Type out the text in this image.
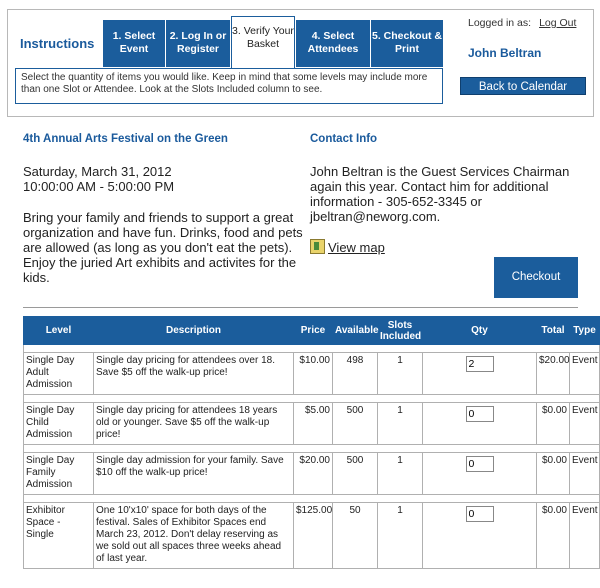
Instructions	1. Select Event
2. Log In or Register
3. Verify Your Basket
4. Select Attendees
5. Checkout & Print
Select the quantity of items you would like. Keep in mind that some levels may include more than one Slot or Attendee. Look at the Slots Included column to see.
Logged in as: Log Out
John Beltran
Back to Calendar
4th Annual Arts Festival on the Green
Saturday, March 31, 2012
10:00:00 AM - 5:00:00 PM
Bring your family and friends to support a great organization and have fun. Drinks, food and pets are allowed (as long as you don't eat the pets). Enjoy the juried Art exhibits and activites for the kids.
Contact Info
John Beltran is the Guest Services Chairman again this year. Contact him for additional information - 305-652-3345 or jbeltran@neworg.com.
View map
Checkout
Level	Description	Price	Available	Slots Included	Qty	Total	Type

Single Day Adult Admission	Single day pricing for attendees over 18. Save $5 off the walk-up price!	$10.00	498	1	2	$20.00	Event

Single Day Child Admission	Single day pricing for attendees 18 years old or younger. Save $5 off the walk-up price!	$5.00	500	1	0	$0.00	Event

Single Day Family Admission	Single day admission for your family. Save $10 off the walk-up price!	$20.00	500	1	0	$0.00	Event

Exhibitor Space - Single	One 10'x10' space for both days of the festival. Sales of Exhibitor Spaces end March 23, 2012. Don't delay reserving as we sold out all spaces three weeks ahead of last year.	$125.00	50	1	0	$0.00	Event
